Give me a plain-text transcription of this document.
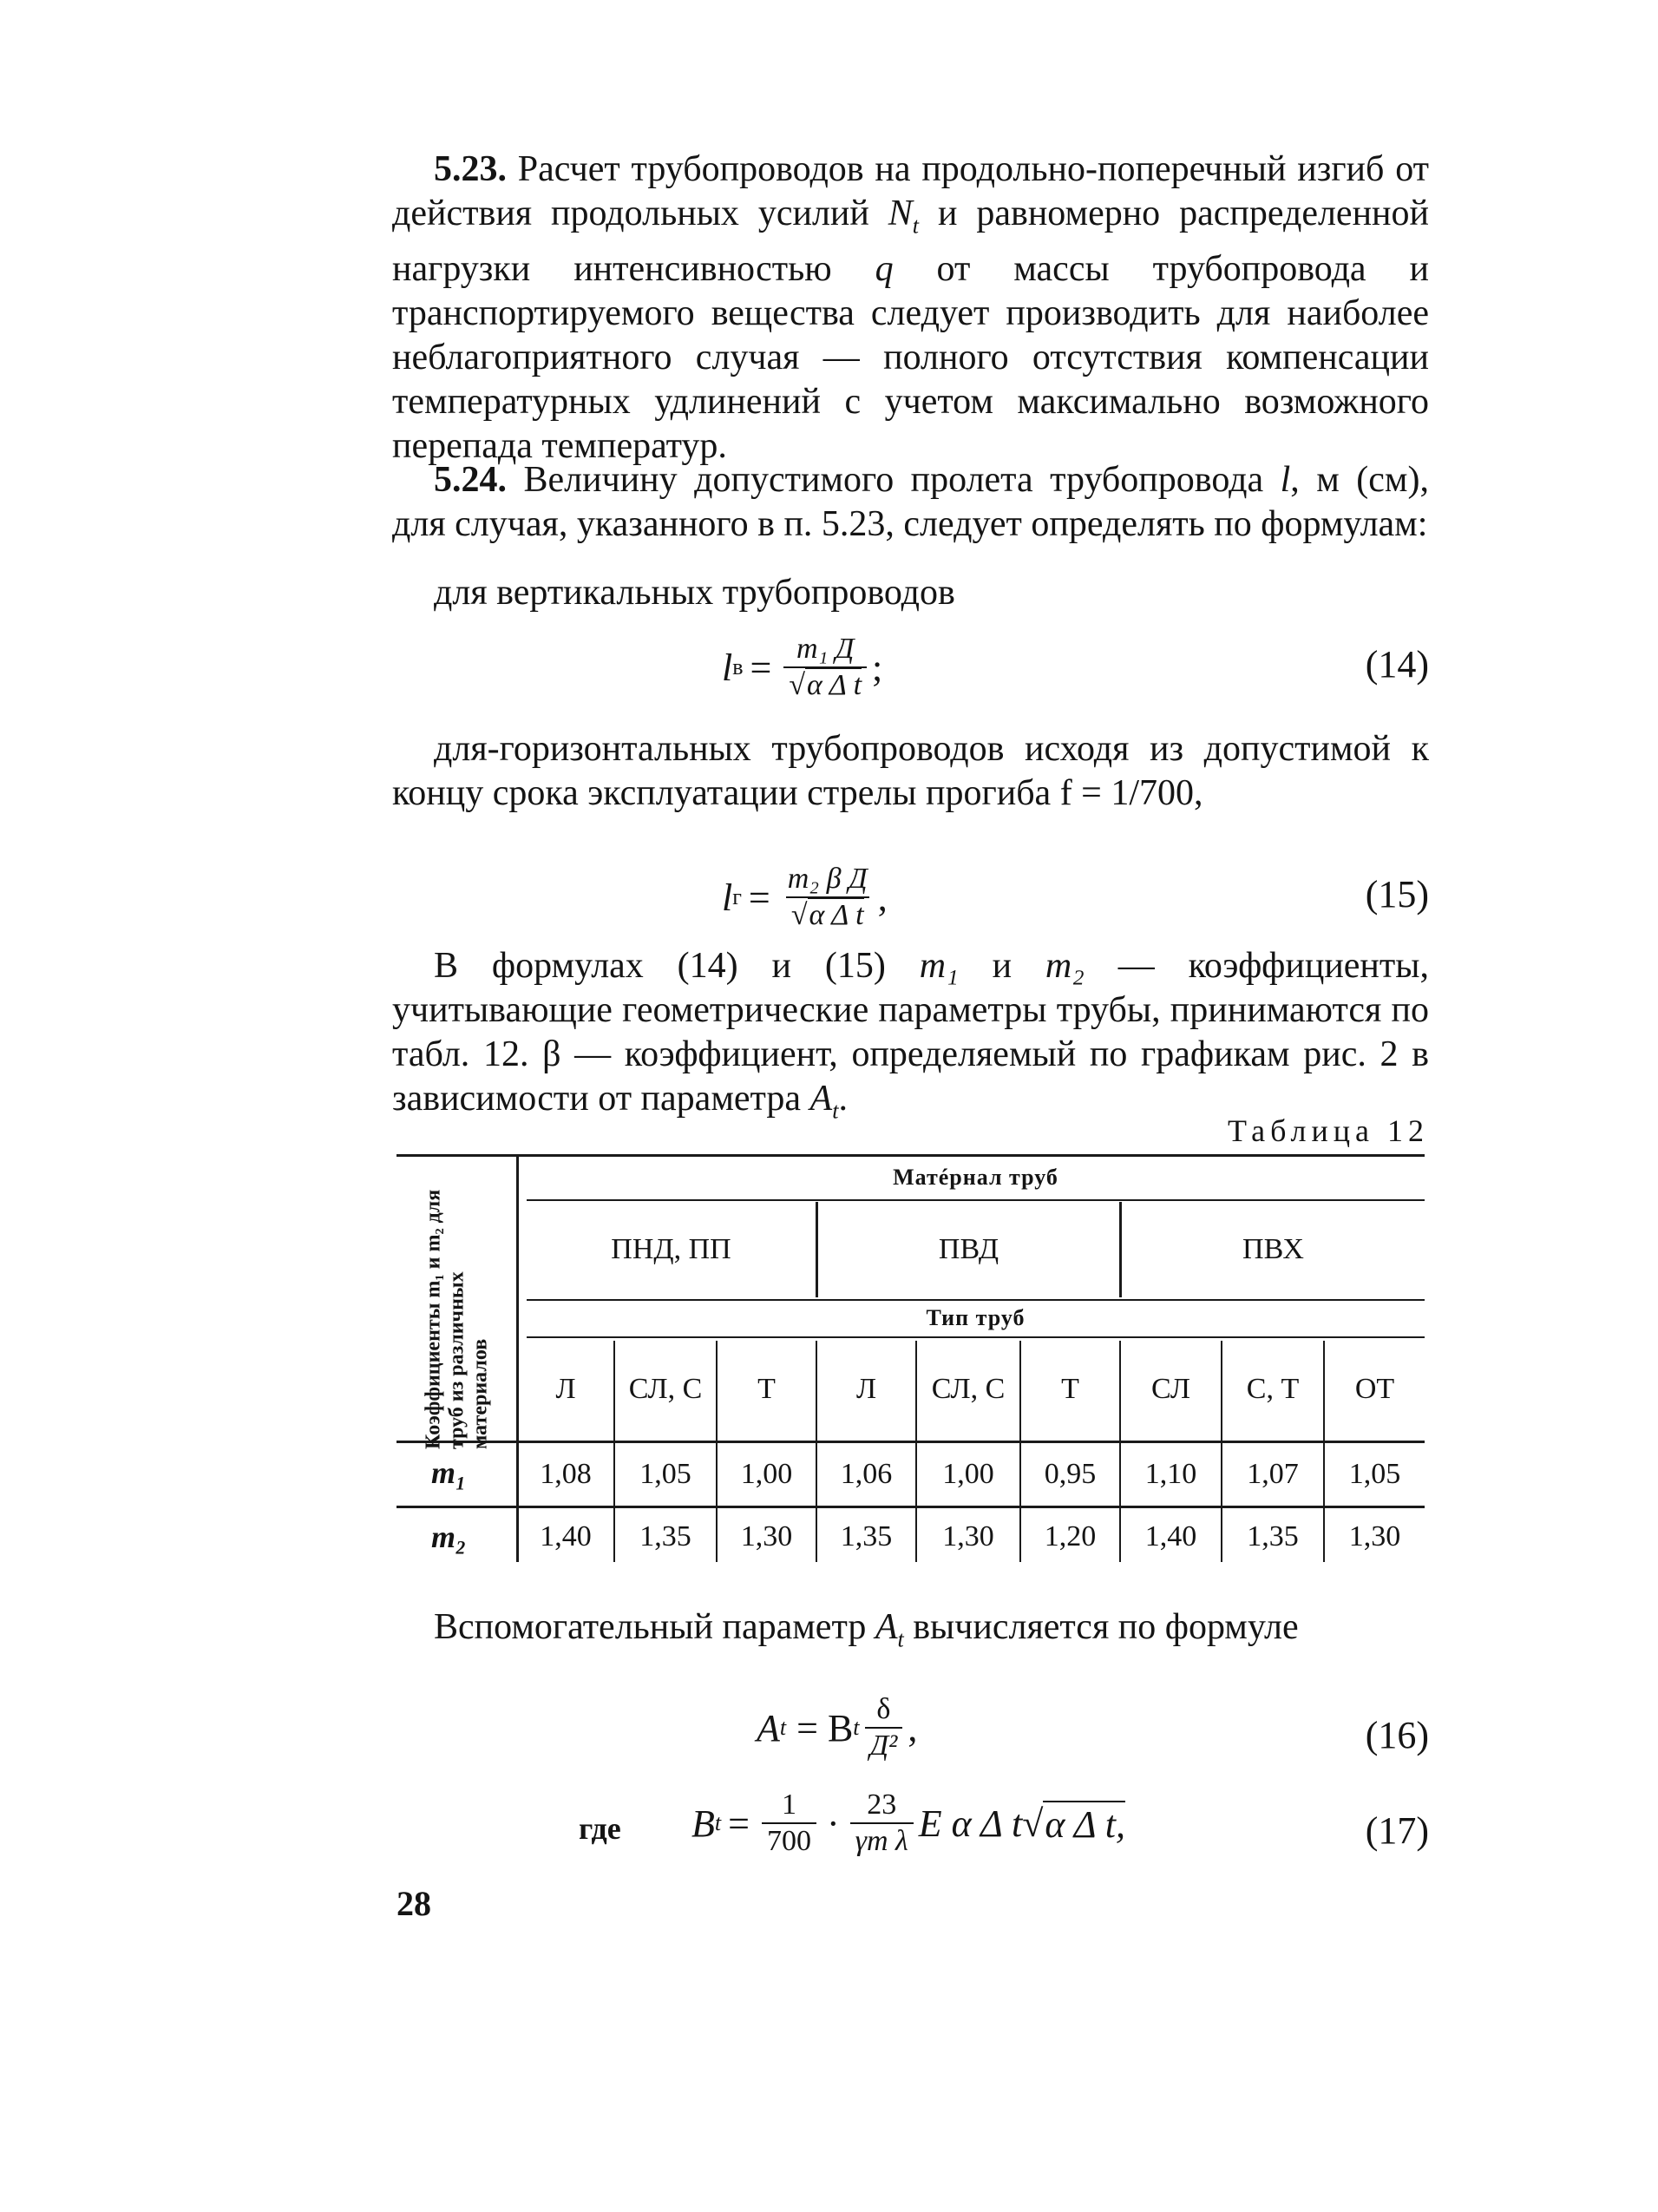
5.23. Расчет трубопроводов на продольно-поперечный изгиб от действия продольных усилий $N_t$ и равномерно распределенной нагрузки интенсивностью q от массы трубопровода и транспортируемого вещества следует производить для наиболее неблагоприятного случая — полного отсутствия компенсации температурных удлинений с учетом максимально возможного перепада температур.

5.24. Величину допустимого пролета трубопровода l, м (см), для случая, указанного в п. 5.23, следует определять по формулам:

для вертикальных трубопроводов

l $в = \frac{\text{m₁ Д}}{\text{√α Δ t}}$ ;	(14)

для-горизонтальных трубопроводов исходя из допустимой к концу срока эксплуатации стрелы прогиба f = 1/700,

l $г = \frac{\text{m₂ β Д}}{\text{√α Δ t}}$ ,	(15)

В формулах (14) и (15) m₁ и m₂ — коэффициенты, учитывающие геометрические параметры трубы, принимаются по табл. 12. β — коэффициент, определяемый по графикам рис. 2 в зависимости от параметра $A_t$.

Таблица 12
Коэффициенты m₁ и m₂ для труб из различных материалов
Матéрнал труб
ПНД, ПП	ПВД	ПВХ
Тип труб
Л	СЛ, С	Т	Л	СЛ, С	Т	СЛ	С, Т	ОТ
m₁	1,08	1,05	1,00	1,06	1,00	0,95	1,10	1,07	1,05
m₂	1,40	1,35	1,30	1,35	1,30	1,20	1,40	1,35	1,30

Вспомогательный параметр $A_t$ вычисляется по формуле

A t = B t $\frac{\delta}{\text{Д²}}$ ,	(16)
где B $t = \frac{1}{700} \cdot \frac{23}{\text{γт λ}}$ E α Δ t √ α Δ t,	(17)
28
